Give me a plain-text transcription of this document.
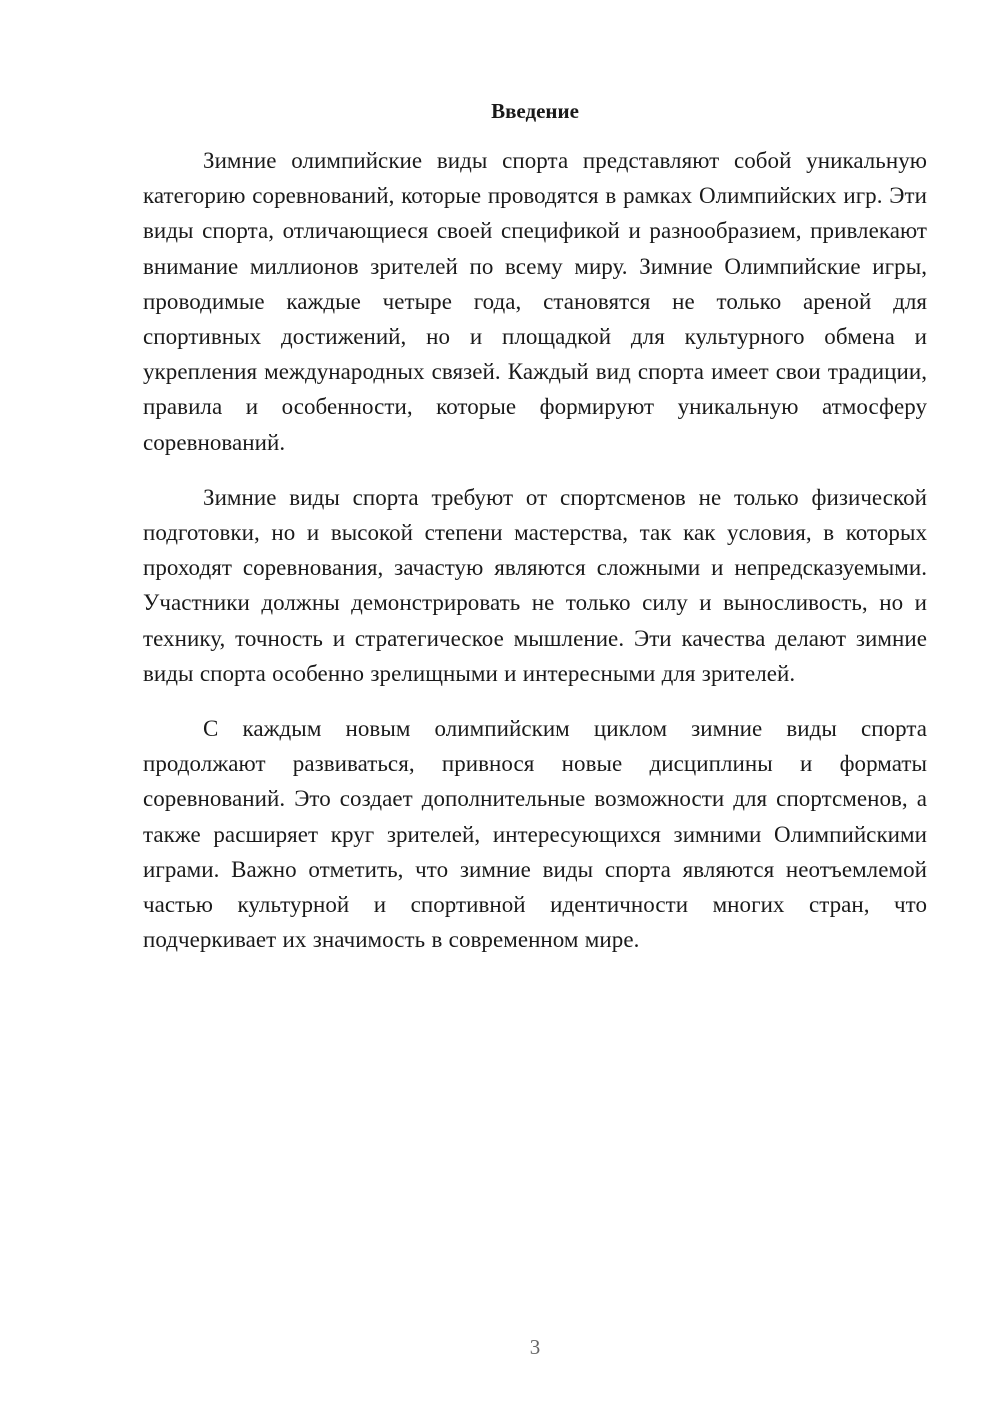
Введение

Зимние олимпийские виды спорта представляют собой уникальную категорию соревнований, которые проводятся в рамках Олимпийских игр. Эти виды спорта, отличающиеся своей спецификой и разнообразием, привлекают внимание миллионов зрителей по всему миру. Зимние Олимпийские игры, проводимые каждые четыре года, становятся не только ареной для спортивных достижений, но и площадкой для культурного обмена и укрепления международных связей. Каждый вид спорта имеет свои традиции, правила и особенности, которые формируют уникальную атмосферу соревнований.

Зимние виды спорта требуют от спортсменов не только физической подготовки, но и высокой степени мастерства, так как условия, в которых проходят соревнования, зачастую являются сложными и непредсказуемыми. Участники должны демонстрировать не только силу и выносливость, но и технику, точность и стратегическое мышление. Эти качества делают зимние виды спорта особенно зрелищными и интересными для зрителей.

С каждым новым олимпийским циклом зимние виды спорта продолжают развиваться, привнося новые дисциплины и форматы соревнований. Это создает дополнительные возможности для спортсменов, а также расширяет круг зрителей, интересующихся зимними Олимпийскими играми. Важно отметить, что зимние виды спорта являются неотъемлемой частью культурной и спортивной идентичности многих стран, что подчеркивает их значимость в современном мире.

3
